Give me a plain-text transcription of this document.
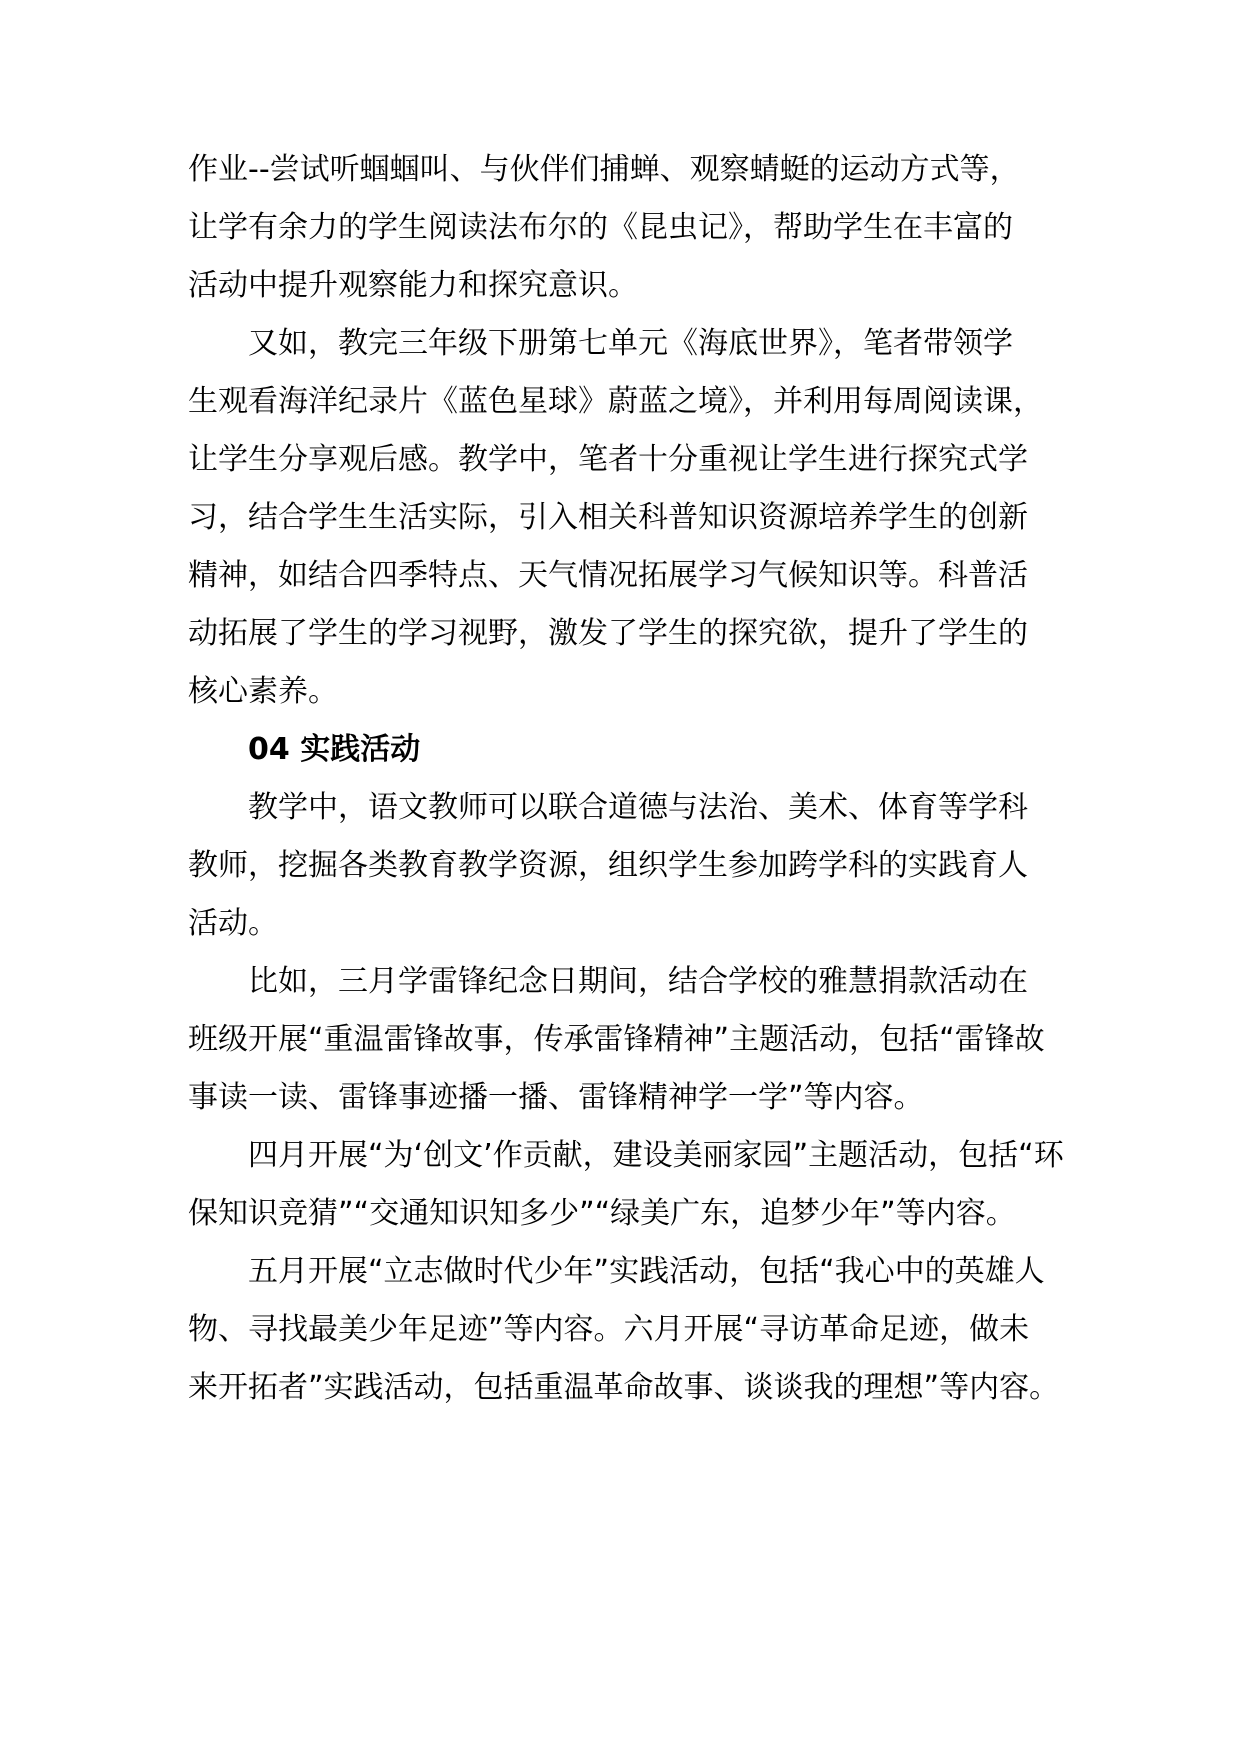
作业--尝试听蝈蝈叫、与伙伴们捕蝉、观察蜻蜓的运动方式等，
让学有余力的学生阅读法布尔的《昆虫记》，帮助学生在丰富的
活动中提升观察能力和探究意识。
又如，教完三年级下册第七单元《海底世界》，笔者带领学
生观看海洋纪录片《蓝色星球》蔚蓝之境》，并利用每周阅读课，
让学生分享观后感。教学中，笔者十分重视让学生进行探究式学
习，结合学生生活实际，引入相关科普知识资源培养学生的创新
精神，如结合四季特点、天气情况拓展学习气候知识等。科普活
动拓展了学生的学习视野，激发了学生的探究欲，提升了学生的
核心素养。
04 实践活动
教学中，语文教师可以联合道德与法治、美术、体育等学科
教师，挖掘各类教育教学资源，组织学生参加跨学科的实践育人
活动。
比如，三月学雷锋纪念日期间，结合学校的雅慧捐款活动在
班级开展“重温雷锋故事，传承雷锋精神”主题活动，包括“雷锋故
事读一读、雷锋事迹播一播、雷锋精神学一学”等内容。
四月开展“为‘创文’作贡献，建设美丽家园”主题活动，包括“环
保知识竞猜”“交通知识知多少”“绿美广东，追梦少年”等内容。
五月开展“立志做时代少年”实践活动，包括“我心中的英雄人
物、寻找最美少年足迹”等内容。六月开展“寻访革命足迹，做未
来开拓者”实践活动，包括重温革命故事、谈谈我的理想”等内容。
